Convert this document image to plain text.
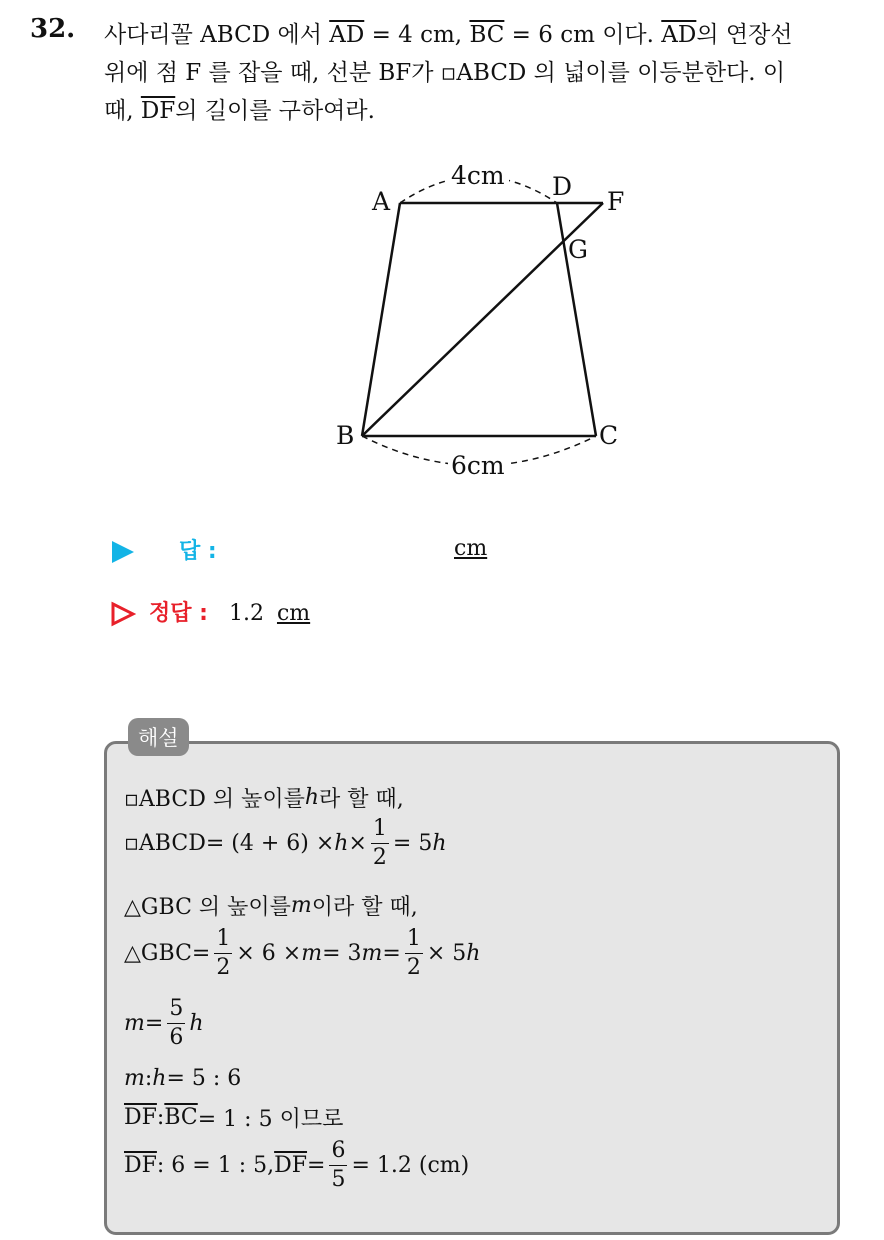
32. 사다리꼴 ABCD 에서 $\overline{AD} = 4$ cm, $\overline{BC} = 6$ cm 이다. $\overline{AD}$의 연장선
위에 점 F 를 잡을 때, 선분 BF가 ▫ABCD 의 넓이를 이등분한다. 이
때, $\overline{DF}$의 길이를 구하여라.
A
D
F
G
B	C
4cm
6cm
답 :	cm
정답 : 1.2 cm
해설
▫ABCD 의 높이를 h 라 할 때,
▫ABCD= $(4 + 6) \times h \times \frac{1}{2} = 5$ h
△GBC 의 높이를 m 이라 할 때,
△GBC= $\frac{1}{2} \times 6 \times m = 3$ $m = \frac{1}{2} \times 5$ h
$m = \frac{5}{6}$ h
m : h = 5 : 6
$\overline{DF}$ : $\overline{BC} = 1$ : 5 이므로
$\overline{DF}$ : 6 = 1 : 5, $\overline{DF} = \frac{6}{5} = 1.2$ (cm)
